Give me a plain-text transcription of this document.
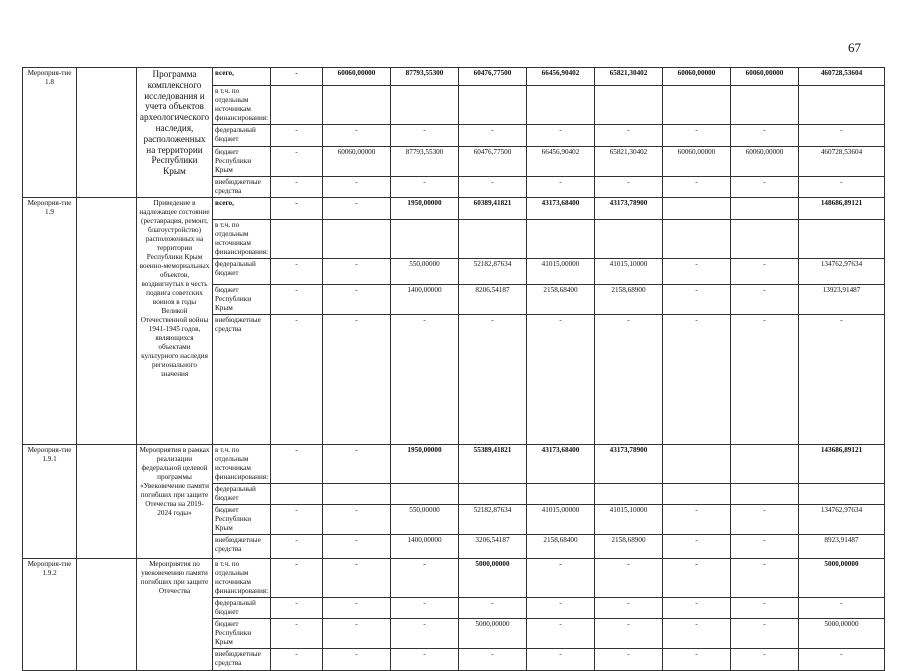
67
Мероприя-тие 1.8		Программа комплексного исследования и учета объектов археологического наследия, расположенных на территории Республики Крым	всего,	-	60060,00000	87793,55300	60476,77500	66456,90402	65821,30402	60060,00000	60060,00000	460728,53604
			в т.ч. по отдельным источникам финансирования:									
			федеральный бюджет	-	-	-	-	-	-	-	-	-
			бюджет Республики Крым	-	60060,00000	87793,55300	60476,77500	66456,90402	65821,30402	60060,00000	60060,00000	460728,53604
			внебюджетные средства	-	-	-	-	-	-	-	-	-
Мероприя-тие 1.9		Приведение в надлежащее состояние (реставрация, ремонт, благоустройство) расположенных на территории Республики Крым военно-мемориальных объектов, воздвигнутых в честь подвига советских воинов в годы Великой Отечественной войны 1941-1945 годов, являющихся объектами культурного наследия регионального значения	всего,	-	-	1950,00000	60389,41821	43173,68400	43173,78900			148686,89121
			в т.ч. по отдельным источникам финансирования:									
			федеральный бюджет	-	-	550,00000	52182,87634	41015,00000	41015,10000	-	-	134762,97634
			бюджет Республики Крым	-	-	1400,00000	8206,54187	2158,68400	2158,68900	-	-	13923,91487
			внебюджетные средства	-	-	-	-	-	-	-	-	-
Мероприя-тие 1.9.1		Мероприятия в рамках реализации федеральной целевой программы «Увековечение памяти погибших при защите Отечества на 2019-2024 годы»	в т.ч. по отдельным источникам финансирования:	-	-	1950,00000	55389,41821	43173,68400	43173,78900			143686,89121
			федеральный бюджет									
			бюджет Республики Крым	-	-	550,00000	52182,87634	41015,00000	41015,10000	-	-	134762,97634
			внебюджетные средства	-	-	1400,00000	3206,54187	2158,68400	2158,68900	-	-	8923,91487
Мероприя-тие 1.9.2		Мероприятия по увековечению памяти погибших при защите Отечества	в т.ч. по отдельным источникам финансирования:	-	-	-	5000,00000	-	-	-	-	5000,00000
			федеральный бюджет	-	-	-	-	-	-	-	-	-
			бюджет Республики Крым	-	-	-	5000,00000	-	-	-	-	5000,00000
			внебюджетные средства	-	-	-	-	-	-	-	-	-
